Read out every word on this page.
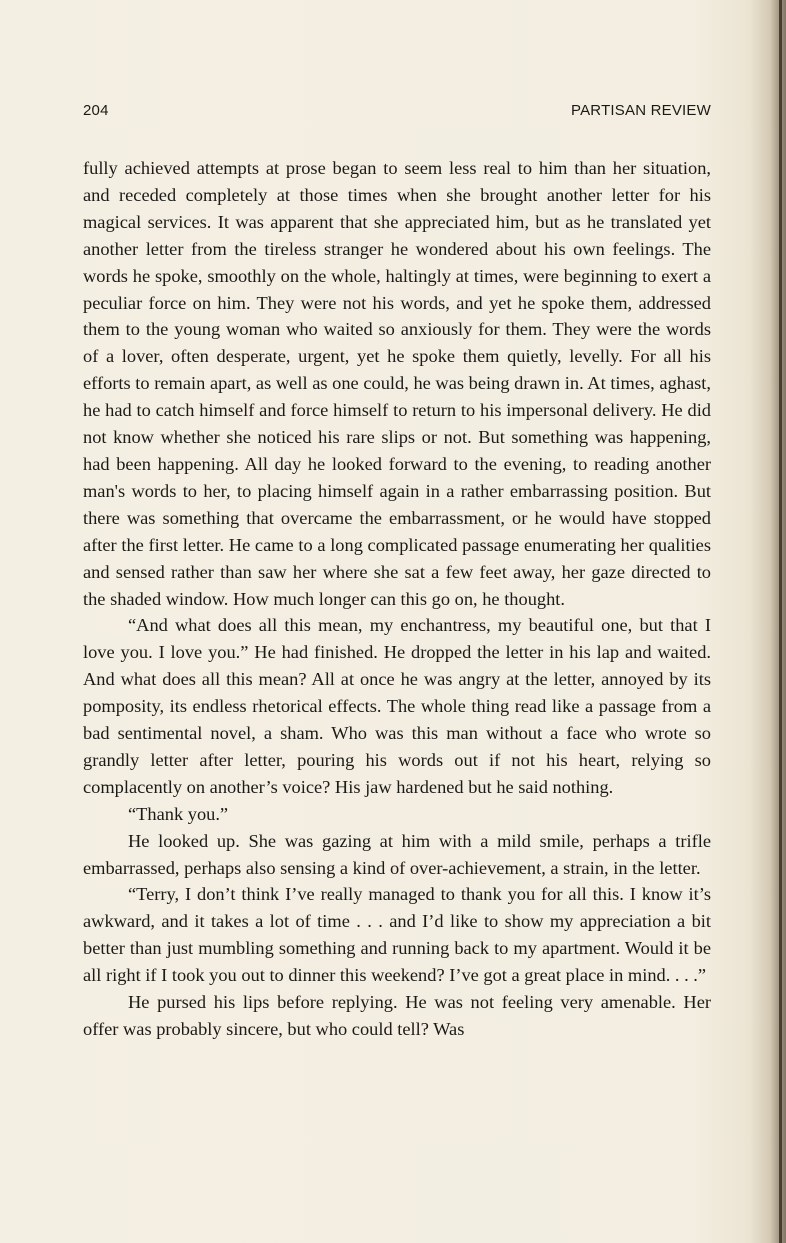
204	PARTISAN REVIEW

fully achieved attempts at prose began to seem less real to him than her situation, and receded completely at those times when she brought another letter for his magical services. It was apparent that she appreciated him, but as he translated yet another letter from the tireless stranger he wondered about his own feelings. The words he spoke, smoothly on the whole, haltingly at times, were beginning to exert a peculiar force on him. They were not his words, and yet he spoke them, addressed them to the young woman who waited so anxiously for them. They were the words of a lover, often desperate, urgent, yet he spoke them quietly, levelly. For all his efforts to remain apart, as well as one could, he was being drawn in. At times, aghast, he had to catch himself and force himself to return to his impersonal delivery. He did not know whether she noticed his rare slips or not. But something was happening, had been happening. All day he looked forward to the evening, to reading another man's words to her, to placing himself again in a rather embarrassing position. But there was something that overcame the embarrassment, or he would have stopped after the first letter. He came to a long complicated passage enumerating her qualities and sensed rather than saw her where she sat a few feet away, her gaze directed to the shaded window. How much longer can this go on, he thought.

“And what does all this mean, my enchantress, my beautiful one, but that I love you. I love you.” He had finished. He dropped the letter in his lap and waited. And what does all this mean? All at once he was angry at the letter, annoyed by its pomposity, its endless rhetorical effects. The whole thing read like a passage from a bad sentimental novel, a sham. Who was this man without a face who wrote so grandly letter after letter, pouring his words out if not his heart, relying so complacently on another’s voice? His jaw hardened but he said nothing.

“Thank you.”

He looked up. She was gazing at him with a mild smile, perhaps a trifle embarrassed, perhaps also sensing a kind of over-achievement, a strain, in the letter.

“Terry, I don’t think I’ve really managed to thank you for all this. I know it’s awkward, and it takes a lot of time . . . and I’d like to show my appreciation a bit better than just mumbling something and running back to my apartment. Would it be all right if I took you out to dinner this weekend? I’ve got a great place in mind. . . .”

He pursed his lips before replying. He was not feeling very amenable. Her offer was probably sincere, but who could tell? Was
